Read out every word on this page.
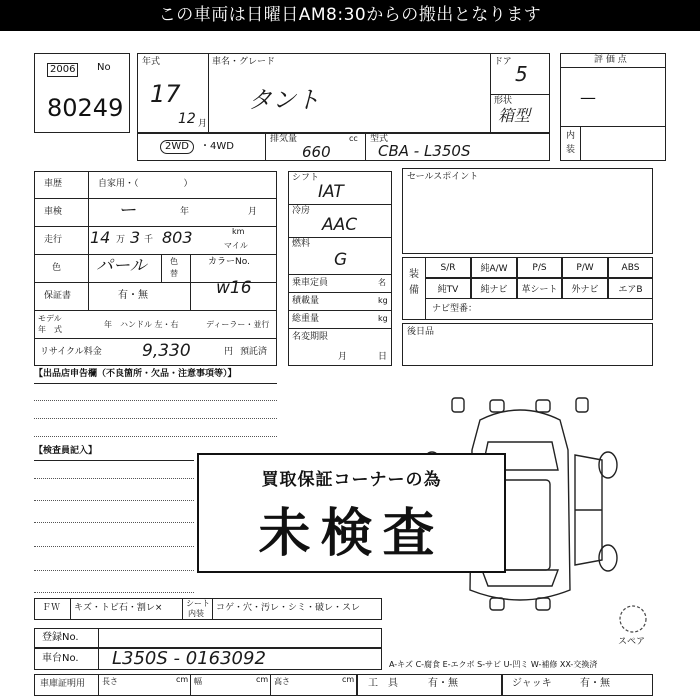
この車両は日曜日AM8:30からの搬出となります
2006	No
80249
年式
17
12 月
車名・グレード
タント
ドア 5
形状
箱型
評 価 点
—
内
装
2WD	・4WD
排気量	cc
660
型式
CBA - L350S
車歴	自家用・（　　　　　）
車検	ー	年	月
走行 14 万 3 千 803	km
マイル
色 パール	色
替
カラーNo.
w16
保証書	有・無
モデル
年　式
年 ハンドル 左・右	ディーラー・並行
リサイクル料金 9,330	円 預託済
シフト
IAT
冷房
AAC
燃料
G
乗車定員	名
積載量	kg
総重量	kg
名変期限
月	日
セールスポイント
装
備
S/R	純A/W	P/S	P/W	ABS
純TV	純ナビ	革シート	外ナビ	エアB
ナビ型番：
後日品
【出品店申告欄（不良箇所・欠品・注意事項等）】
【検査員記入】
スペア
買取保証コーナーの為
未検査
ＦＷ キズ・トビ石・割レ×	シート
内装
コゲ・穴・汚レ・シミ・破レ・スレ
登録No.
車台No. L350S - 0163092	A-キズ C-腐食 E-エクボ S-サビ U-凹ミ W-補修 XX-交換済
車庫証明用 長さ	cm 幅	cm 高さ	cm 工　具	有・無	ジャッキ	有・無
